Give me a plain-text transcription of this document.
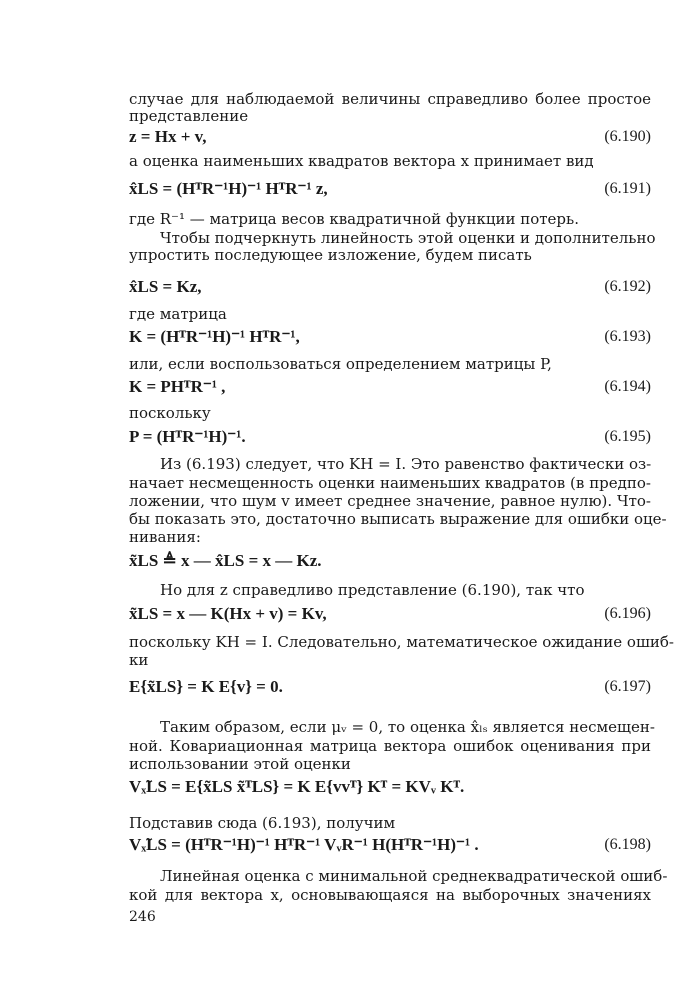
случае для наблюдаемой величины справедливо более простое
представление
z = Hx + v,	(6.190)
а оценка наименьших квадратов вектора x принимает вид
x̂LS = (HᵀR⁻¹H)⁻¹ HᵀR⁻¹ z,	(6.191)
где R⁻¹ — матрица весов квадратичной функции потерь.
Чтобы подчеркнуть линейность этой оценки и дополнительно
упростить последующее изложение, будем писать
x̂LS = Kz,	(6.192)
где матрица
K = (HᵀR⁻¹H)⁻¹ HᵀR⁻¹,	(6.193)
или, если воспользоваться определением матрицы P,
K = PHᵀR⁻¹ ,	(6.194)
поскольку
P = (HᵀR⁻¹H)⁻¹.	(6.195)
Из (6.193) следует, что KH = I. Это равенство фактически оз-
начает несмещенность оценки наименьших квадратов (в предпо-
ложении, что шум v имеет среднее значение, равное нулю). Что-
бы показать это, достаточно выписать выражение для ошибки оце-
нивания:
x̃LS ≜ x — x̂LS = x — Kz.
Но для z справедливо представление (6.190), так что
x̃LS = x — K(Hx + v) = Kv,	(6.196)
поскольку KH = I. Следовательно, математическое ожидание ошиб-
ки
E{x̃LS} = K E{v} = 0.	(6.197)
Таким образом, если μᵥ = 0, то оценка x̂ₗₛ является несмещен-
ной. Ковариационная матрица вектора ошибок оценивания при
использовании этой оценки
Vₓ̃LS = E{x̃LS x̃ᵀLS} = K E{vvᵀ} Kᵀ = KVᵥ Kᵀ.
Подставив сюда (6.193), получим
Vₓ̃LS = (HᵀR⁻¹H)⁻¹ HᵀR⁻¹ VᵥR⁻¹ H(HᵀR⁻¹H)⁻¹ .	(6.198)
Линейная оценка с минимальной среднеквадратической ошиб-
кой для вектора x, основывающаяся на выборочных значениях
246
